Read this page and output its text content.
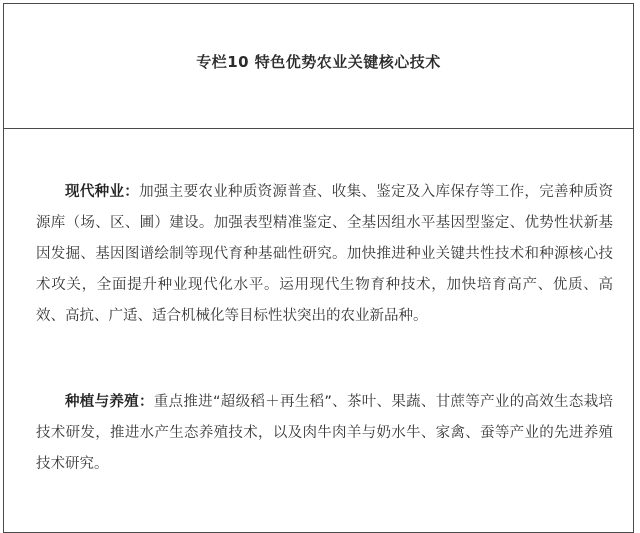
专栏10 特色优势农业关键核心技术

现代种业：加强主要农业种质资源普查、收集、鉴定及入库保存等工作，完善种质资源库（场、区、圃）建设。加强表型精准鉴定、全基因组水平基因型鉴定、优势性状新基因发掘、基因图谱绘制等现代育种基础性研究。加快推进种业关键共性技术和种源核心技术攻关，全面提升种业现代化水平。运用现代生物育种技术，加快培育高产、优质、高效、高抗、广适、适合机械化等目标性状突出的农业新品种。

种植与养殖：重点推进“超级稻＋再生稻”、茶叶、果蔬、甘蔗等产业的高效生态栽培技术研发，推进水产生态养殖技术，以及肉牛肉羊与奶水牛、家禽、蚕等产业的先进养殖技术研究。
